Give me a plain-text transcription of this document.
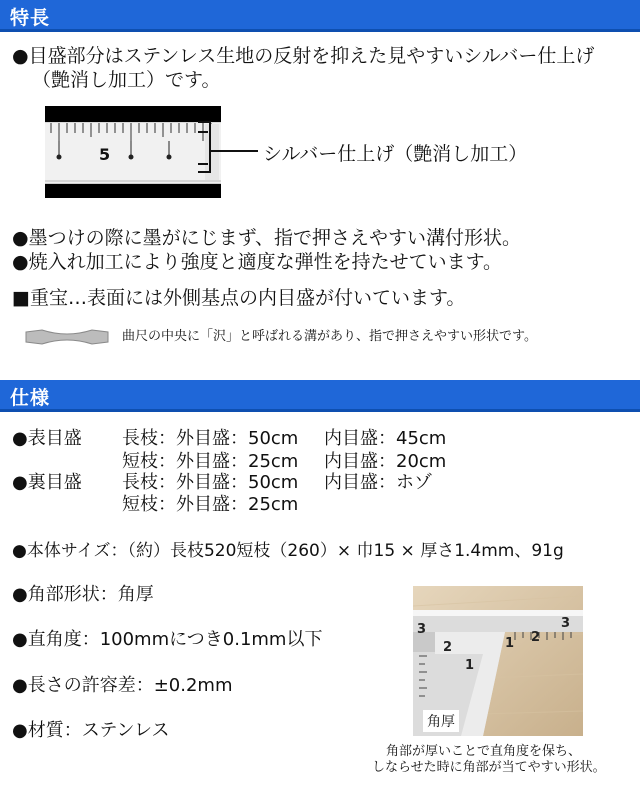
特長
●目盛部分はステンレス生地の反射を抑えた見やすいシルバー仕上げ
（艶消し加工）です。
5	シルバー仕上げ（艶消し加工）
●墨つけの際に墨がにじまず、指で押さえやすい溝付形状。
●焼入れ加工により強度と適度な弾性を持たせています。
■重宝…表面には外側基点の内目盛が付いています。
曲尺の中央に「沢」と呼ばれる溝があり、指で押さえやすい形状です。
仕様
●表目盛 長枝：外目盛：50cm 内目盛：45cm
短枝：外目盛：25cm 内目盛：20cm
●裏目盛 長枝：外目盛：50cm 内目盛：ホゾ
短枝：外目盛：25cm
●本体サイズ：（約）長枝520短枝（260）× 巾15 × 厚さ1.4mm、91g
●角部形状：角厚
●直角度：100mmにつき0.1mm以下
●長さの許容差：±0.2mm
●材質：ステンレス
3
2
1
1 2
3
角厚
角部が厚いことで直角度を保ち、
しならせた時に角部が当てやすい形状。
